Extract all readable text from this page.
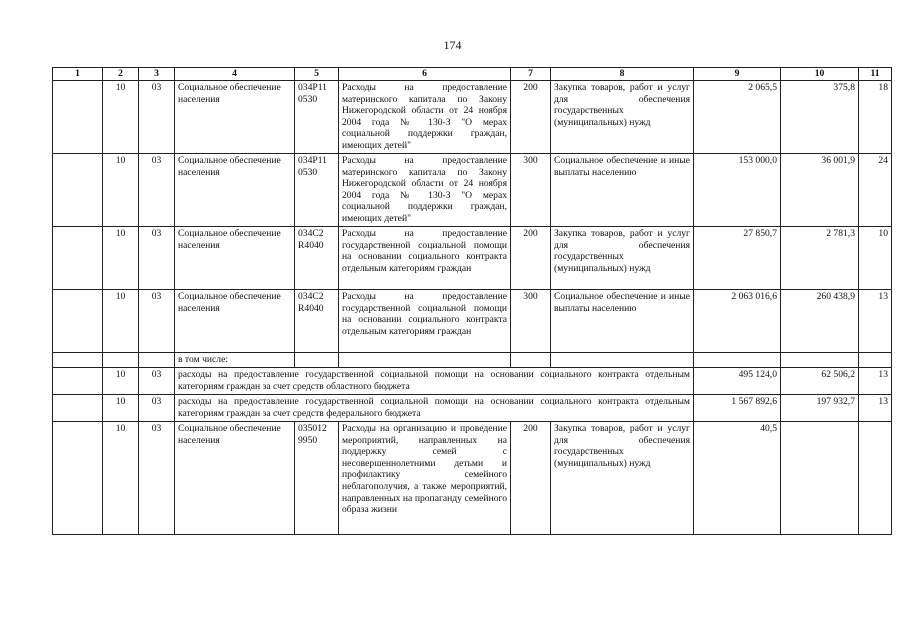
174
1	2	3	4	5	6	7	8	9	10	11
	10	03	Социальное обеспечение населения	034Р11 0530	Расходы на предоставление материнского капитала по Закону Нижегородской области от 24 ноября 2004 года № 130-З "О мерах социальной поддержки граждан, имеющих детей"	200	Закупка товаров, работ и услуг для обеспечения государственных (муниципальных) нужд	2 065,5	375,8	18
	10	03	Социальное обеспечение населения	034Р11 0530	Расходы на предоставление материнского капитала по Закону Нижегородской области от 24 ноября 2004 года № 130-З "О мерах социальной поддержки граждан, имеющих детей"	300	Социальное обеспечение и иные выплаты населению	153 000,0	36 001,9	24
	10	03	Социальное обеспечение населения	034С2 R4040	Расходы на предоставление государственной социальной помощи на основании социального контракта отдельным категориям граждан	200	Закупка товаров, работ и услуг для обеспечения государственных (муниципальных) нужд	27 850,7	2 781,3	10
	10	03	Социальное обеспечение населения	034С2 R4040	Расходы на предоставление государственной социальной помощи на основании социального контракта отдельным категориям граждан	300	Социальное обеспечение и иные выплаты населению	2 063 016,6	260 438,9	13
			в том числе:							
	10	03	расходы на предоставление государственной социальной помощи на основании социального контракта отдельным категориям граждан за счет средств областного бюджета					495 124,0	62 506,2	13
	10	03	расходы на предоставление государственной социальной помощи на основании социального контракта отдельным категориям граждан за счет средств федерального бюджета					1 567 892,6	197 932,7	13
	10	03	Социальное обеспечение населения	035012 9950	Расходы на организацию и проведение мероприятий, направленных на поддержку семей с несовершеннолетними детьми и профилактику семейного неблагополучия, а также мероприятий, направленных на пропаганду семейного образа жизни	200	Закупка товаров, работ и услуг для обеспечения государственных (муниципальных) нужд	40,5		
